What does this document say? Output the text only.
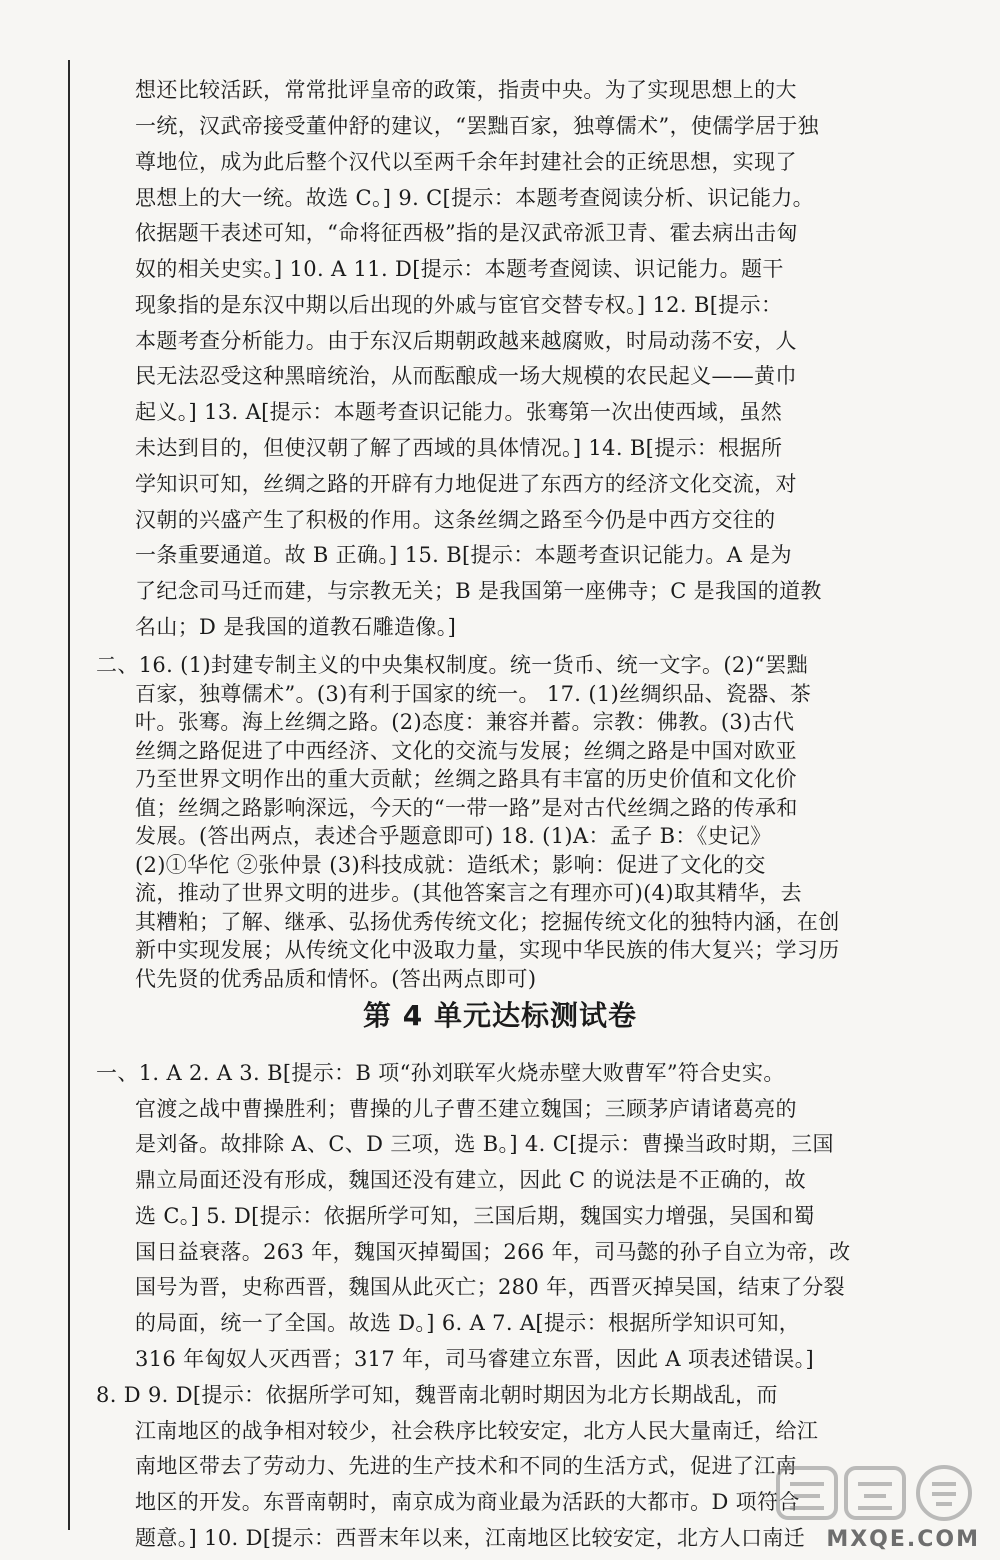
想还比较活跃，常常批评皇帝的政策，指责中央。为了实现思想上的大
一统，汉武帝接受董仲舒的建议，“罢黜百家，独尊儒术”，使儒学居于独
尊地位，成为此后整个汉代以至两千余年封建社会的正统思想，实现了
思想上的大一统。故选 C。] 9. C[提示：本题考查阅读分析、识记能力。
依据题干表述可知，“命将征西极”指的是汉武帝派卫青、霍去病出击匈
奴的相关史实。] 10. A 11. D[提示：本题考查阅读、识记能力。题干
现象指的是东汉中期以后出现的外戚与宦官交替专权。] 12. B[提示：
本题考查分析能力。由于东汉后期朝政越来越腐败，时局动荡不安，人
民无法忍受这种黑暗统治，从而酝酿成一场大规模的农民起义——黄巾
起义。] 13. A[提示：本题考查识记能力。张骞第一次出使西域，虽然
未达到目的，但使汉朝了解了西域的具体情况。] 14. B[提示：根据所
学知识可知，丝绸之路的开辟有力地促进了东西方的经济文化交流，对
汉朝的兴盛产生了积极的作用。这条丝绸之路至今仍是中西方交往的
一条重要通道。故 B 正确。] 15. B[提示：本题考查识记能力。A 是为
了纪念司马迁而建，与宗教无关；B 是我国第一座佛寺；C 是我国的道教
名山；D 是我国的道教石雕造像。]
二、16. (1)封建专制主义的中央集权制度。统一货币、统一文字。(2)“罢黜
百家，独尊儒术”。(3)有利于国家的统一。 17. (1)丝绸织品、瓷器、茶
叶。张骞。海上丝绸之路。(2)态度：兼容并蓄。宗教：佛教。(3)古代
丝绸之路促进了中西经济、文化的交流与发展；丝绸之路是中国对欧亚
乃至世界文明作出的重大贡献；丝绸之路具有丰富的历史价值和文化价
值；丝绸之路影响深远，今天的“一带一路”是对古代丝绸之路的传承和
发展。(答出两点，表述合乎题意即可) 18. (1)A：孟子 B：《史记》
(2)①华佗 ②张仲景 (3)科技成就：造纸术；影响：促进了文化的交
流，推动了世界文明的进步。(其他答案言之有理亦可)(4)取其精华，去
其糟粕；了解、继承、弘扬优秀传统文化；挖掘传统文化的独特内涵，在创
新中实现发展；从传统文化中汲取力量，实现中华民族的伟大复兴；学习历
代先贤的优秀品质和情怀。(答出两点即可)
第 4 单元达标测试卷
一、1. A 2. A 3. B[提示：B 项“孙刘联军火烧赤壁大败曹军”符合史实。
官渡之战中曹操胜利；曹操的儿子曹丕建立魏国；三顾茅庐请诸葛亮的
是刘备。故排除 A、C、D 三项，选 B。] 4. C[提示：曹操当政时期，三国
鼎立局面还没有形成，魏国还没有建立，因此 C 的说法是不正确的，故
选 C。] 5. D[提示：依据所学可知，三国后期，魏国实力增强，吴国和蜀
国日益衰落。263 年，魏国灭掉蜀国；266 年，司马懿的孙子自立为帝，改
国号为晋，史称西晋，魏国从此灭亡；280 年，西晋灭掉吴国，结束了分裂
的局面，统一了全国。故选 D。] 6. A 7. A[提示：根据所学知识可知，
316 年匈奴人灭西晋；317 年，司马睿建立东晋，因此 A 项表述错误。]
8. D 9. D[提示：依据所学可知，魏晋南北朝时期因为北方长期战乱，而
江南地区的战争相对较少，社会秩序比较安定，北方人民大量南迁，给江
南地区带去了劳动力、先进的生产技术和不同的生活方式，促进了江南
地区的开发。东晋南朝时，南京成为商业最为活跃的大都市。D 项符合
题意。] 10. D[提示：西晋末年以来，江南地区比较安定，北方人口南迁 MXQE.COM
